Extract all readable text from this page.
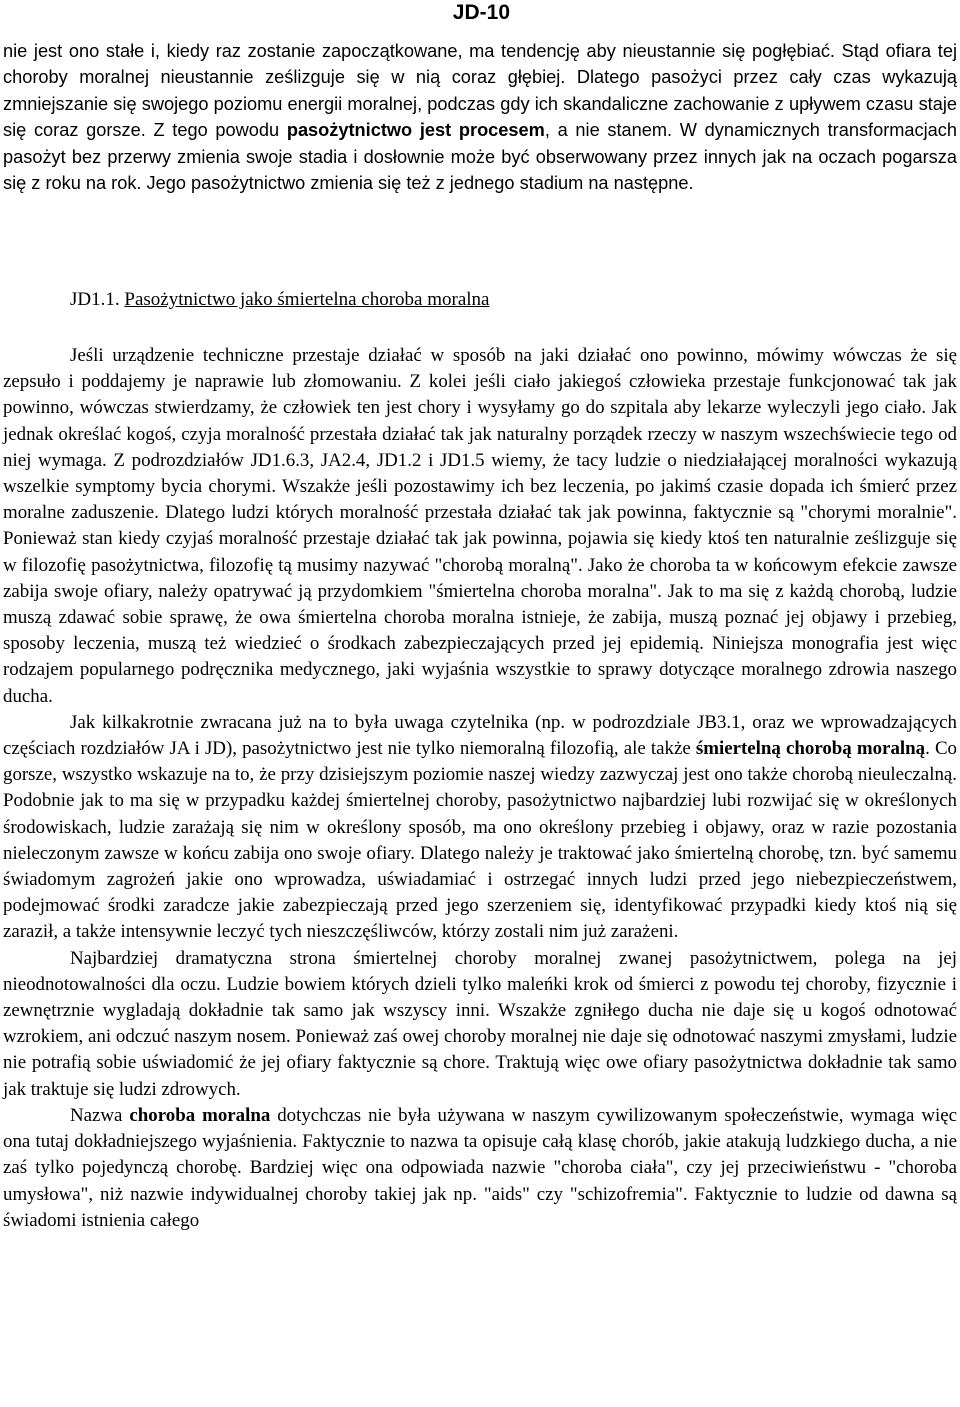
JD-10

nie jest ono stałe i, kiedy raz zostanie zapoczątkowane, ma tendencję aby nieustannie się pogłębiać. Stąd ofiara tej choroby moralnej nieustannie ześlizguje się w nią coraz głębiej. Dlatego pasożyci przez cały czas wykazują zmniejszanie się swojego poziomu energii moralnej, podczas gdy ich skandaliczne zachowanie z upływem czasu staje się coraz gorsze. Z tego powodu pasożytnictwo jest procesem, a nie stanem. W dynamicznych transformacjach pasożyt bez przerwy zmienia swoje stadia i dosłownie może być obserwowany przez innych jak na oczach pogarsza się z roku na rok. Jego pasożytnictwo zmienia się też z jednego stadium na następne.

JD1.1. Pasożytnictwo jako śmiertelna choroba moralna

Jeśli urządzenie techniczne przestaje działać w sposób na jaki działać ono powinno, mówimy wówczas że się zepsuło i poddajemy je naprawie lub złomowaniu. Z kolei jeśli ciało jakiegoś człowieka przestaje funkcjonować tak jak powinno, wówczas stwierdzamy, że człowiek ten jest chory i wysyłamy go do szpitala aby lekarze wyleczyli jego ciało. Jak jednak określać kogoś, czyja moralność przestała działać tak jak naturalny porządek rzeczy w naszym wszechświecie tego od niej wymaga. Z podrozdziałów JD1.6.3, JA2.4, JD1.2 i JD1.5 wiemy, że tacy ludzie o niedziałającej moralności wykazują wszelkie symptomy bycia chorymi. Wszakże jeśli pozostawimy ich bez leczenia, po jakimś czasie dopada ich śmierć przez moralne zaduszenie. Dlatego ludzi których moralność przestała działać tak jak powinna, faktycznie są "chorymi moralnie". Ponieważ stan kiedy czyjaś moralność przestaje działać tak jak powinna, pojawia się kiedy ktoś ten naturalnie ześlizguje się w filozofię pasożytnictwa, filozofię tą musimy nazywać "chorobą moralną". Jako że choroba ta w końcowym efekcie zawsze zabija swoje ofiary, należy opatrywać ją przydomkiem "śmiertelna choroba moralna". Jak to ma się z każdą chorobą, ludzie muszą zdawać sobie sprawę, że owa śmiertelna choroba moralna istnieje, że zabija, muszą poznać jej objawy i przebieg, sposoby leczenia, muszą też wiedzieć o środkach zabezpieczających przed jej epidemią. Niniejsza monografia jest więc rodzajem popularnego podręcznika medycznego, jaki wyjaśnia wszystkie to sprawy dotyczące moralnego zdrowia naszego ducha.

Jak kilkakrotnie zwracana już na to była uwaga czytelnika (np. w podrozdziale JB3.1, oraz we wprowadzających częściach rozdziałów JA i JD), pasożytnictwo jest nie tylko niemoralną filozofią, ale także śmiertelną chorobą moralną. Co gorsze, wszystko wskazuje na to, że przy dzisiejszym poziomie naszej wiedzy zazwyczaj jest ono także chorobą nieuleczalną. Podobnie jak to ma się w przypadku każdej śmiertelnej choroby, pasożytnictwo najbardziej lubi rozwijać się w określonych środowiskach, ludzie zarażają się nim w określony sposób, ma ono określony przebieg i objawy, oraz w razie pozostania nieleczonym zawsze w końcu zabija ono swoje ofiary. Dlatego należy je traktować jako śmiertelną chorobę, tzn. być samemu świadomym zagrożeń jakie ono wprowadza, uświadamiać i ostrzegać innych ludzi przed jego niebezpieczeństwem, podejmować środki zaradcze jakie zabezpieczają przed jego szerzeniem się, identyfikować przypadki kiedy ktoś nią się zaraził, a także intensywnie leczyć tych nieszczęśliwców, którzy zostali nim już zarażeni.

Najbardziej dramatyczna strona śmiertelnej choroby moralnej zwanej pasożytnictwem, polega na jej nieodnotowalności dla oczu. Ludzie bowiem których dzieli tylko maleńki krok od śmierci z powodu tej choroby, fizycznie i zewnętrznie wygladają dokładnie tak samo jak wszyscy inni. Wszakże zgniłego ducha nie daje się u kogoś odnotować wzrokiem, ani odczuć naszym nosem. Ponieważ zaś owej choroby moralnej nie daje się odnotować naszymi zmysłami, ludzie nie potrafią sobie uświadomić że jej ofiary faktycznie są chore. Traktują więc owe ofiary pasożytnictwa dokładnie tak samo jak traktuje się ludzi zdrowych.

Nazwa choroba moralna dotychczas nie była używana w naszym cywilizowanym społeczeństwie, wymaga więc ona tutaj dokładniejszego wyjaśnienia. Faktycznie to nazwa ta opisuje całą klasę chorób, jakie atakują ludzkiego ducha, a nie zaś tylko pojedynczą chorobę. Bardziej więc ona odpowiada nazwie "choroba ciała", czy jej przeciwieństwu - "choroba umysłowa", niż nazwie indywidualnej choroby takiej jak np. "aids" czy "schizofremia". Faktycznie to ludzie od dawna są świadomi istnienia całego
